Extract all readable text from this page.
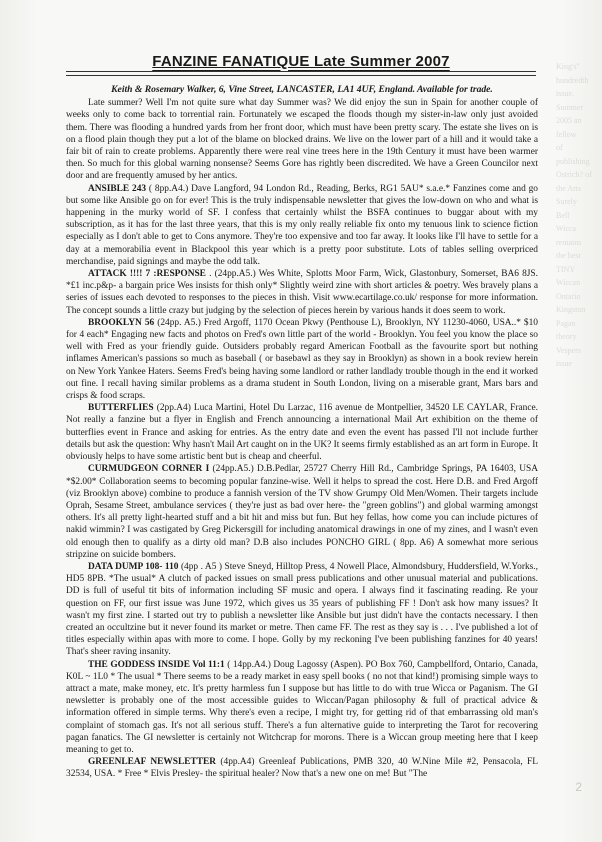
King's" hundredth issue.
Summer 2005 an fellow
of publishing
Ostrich? of
the Arts
Surely
Bell
Wicca
remains
the best
TINY
Wiccan
Ontario
Kingston
Pagan
theory
Vespers
issue
FANZINE FANATIQUE Late Summer 2007

Keith & Rosemary Walker, 6, Vine Street, LANCASTER, LA1 4UF, England. Available for trade.

Late summer? Well I'm not quite sure what day Summer was? We did enjoy the sun in Spain for another couple of weeks only to come back to torrential rain. Fortunately we escaped the floods though my sister-in-law only just avoided them. There was flooding a hundred yards from her front door, which must have been pretty scary. The estate she lives on is on a flood plain though they put a lot of the blame on blocked drains. We live on the lower part of a hill and it would take a fair bit of rain to create problems. Apparently there were real vine trees here in the 19th Century it must have been warmer then. So much for this global warning nonsense? Seems Gore has rightly been discredited. We have a Green Councilor next door and are frequently amused by her antics.

ANSIBLE 243 ( 8pp.A4.) Dave Langford, 94 London Rd., Reading, Berks, RG1 5AU* s.a.e.* Fanzines come and go but some like Ansible go on for ever! This is the truly indispensable newsletter that gives the low-down on who and what is happening in the murky world of SF. I confess that certainly whilst the BSFA continues to buggar about with my subscription, as it has for the last three years, that this is my only really reliable fix onto my tenuous link to science fiction especially as I don't able to get to Cons anymore. They're too expensive and too far away. It looks like I'll have to settle for a day at a memorabilia event in Blackpool this year which is a pretty poor substitute. Lots of tables selling overpriced merchandise, paid signings and maybe the odd talk.

ATTACK !!!! 7 :RESPONSE . (24pp.A5.) Wes White, Splotts Moor Farm, Wick, Glastonbury, Somerset, BA6 8JS. *£1 inc.p&p- a bargain price Wes insists for thish only* Slightly weird zine with short articles & poetry. Wes bravely plans a series of issues each devoted to responses to the pieces in thish. Visit www.ecartilage.co.uk/ response for more information. The concept sounds a little crazy but judging by the selection of pieces herein by various hands it does seem to work.

BROOKLYN 56 (24pp. A5.) Fred Argoff, 1170 Ocean Pkwy (Penthouse L), Brooklyn, NY 11230-4060, USA..* $10 for 4 each* Engaging new facts and photos on Fred's own little part of the world - Brooklyn. You feel you know the place so well with Fred as your friendly guide. Outsiders probably regard American Football as the favourite sport but nothing inflames American's passions so much as baseball ( or basebawl as they say in Brooklyn) as shown in a book review herein on New York Yankee Haters. Seems Fred's being having some landlord or rather landlady trouble though in the end it worked out fine. I recall having similar problems as a drama student in South London, living on a miserable grant, Mars bars and crisps & food scraps.

BUTTERFLIES (2pp.A4) Luca Martini, Hotel Du Larzac, 116 avenue de Montpellier, 34520 LE CAYLAR, France. Not really a fanzine but a flyer in English and French announcing a international Mail Art exhibition on the theme of butterflies event in France and asking for entries. As the entry date and even the event has passed I'll not include further details but ask the question: Why hasn't Mail Art caught on in the UK? It seems firmly established as an art form in Europe. It obviously helps to have some artistic bent but is cheap and cheerful.

CURMUDGEON CORNER I (24pp.A5.) D.B.Pedlar, 25727 Cherry Hill Rd., Cambridge Springs, PA 16403, USA *$2.00* Collaboration seems to becoming popular fanzine-wise. Well it helps to spread the cost. Here D.B. and Fred Argoff (viz Brooklyn above) combine to produce a fannish version of the TV show Grumpy Old Men/Women. Their targets include Oprah, Sesame Street, ambulance services ( they're just as bad over here- the "green goblins") and global warming amongst others. It's all pretty light-hearted stuff and a bit hit and miss but fun. But hey fellas, how come you can include pictures of nakid wimmin? I was castigated by Greg Pickersgill for including anatomical drawings in one of my zines, and I wasn't even old enough then to qualify as a dirty old man? D.B also includes PONCHO GIRL ( 8pp. A6) A somewhat more serious stripzine on suicide bombers.

DATA DUMP 108- 110 (4pp . A5 ) Steve Sneyd, Hilltop Press, 4 Nowell Place, Almondsbury, Huddersfield, W.Yorks., HD5 8PB. *The usual* A clutch of packed issues on small press publications and other unusual material and publications. DD is full of useful tit bits of information including SF music and opera. I always find it fascinating reading. Re your question on FF, our first issue was June 1972, which gives us 35 years of publishing FF ! Don't ask how many issues? It wasn't my first zine. I started out try to publish a newsletter like Ansible but just didn't have the contacts necessary. I then created an occultzine but it never found its market or metre. Then came FF. The rest as they say is . . . I've published a lot of titles especially within apas with more to come. I hope. Golly by my reckoning I've been publishing fanzines for 40 years! That's sheer raving insanity.

THE GODDESS INSIDE Vol 11:1 ( 14pp.A4.) Doug Lagossy (Aspen). PO Box 760, Campbellford, Ontario, Canada, K0L ~ 1L0 * The usual * There seems to be a ready market in easy spell books ( no not that kind!) promising simple ways to attract a mate, make money, etc. It's pretty harmless fun I suppose but has little to do with true Wicca or Paganism. The GI newsletter is probably one of the most accessible guides to Wiccan/Pagan philosophy & full of practical advice & information offered in simple terms. Why there's even a recipe, I might try, for getting rid of that embarrassing old man's complaint of stomach gas. It's not all serious stuff. There's a fun alternative guide to interpreting the Tarot for recovering pagan fanatics. The GI newsletter is certainly not Witchcrap for morons. There is a Wiccan group meeting here that I keep meaning to get to.

GREENLEAF NEWSLETTER (4pp.A4) Greenleaf Publications, PMB 320, 40 W.Nine Mile #2, Pensacola, FL 32534, USA. * Free * Elvis Presley- the spiritual healer? Now that's a new one on me! But "The

2
